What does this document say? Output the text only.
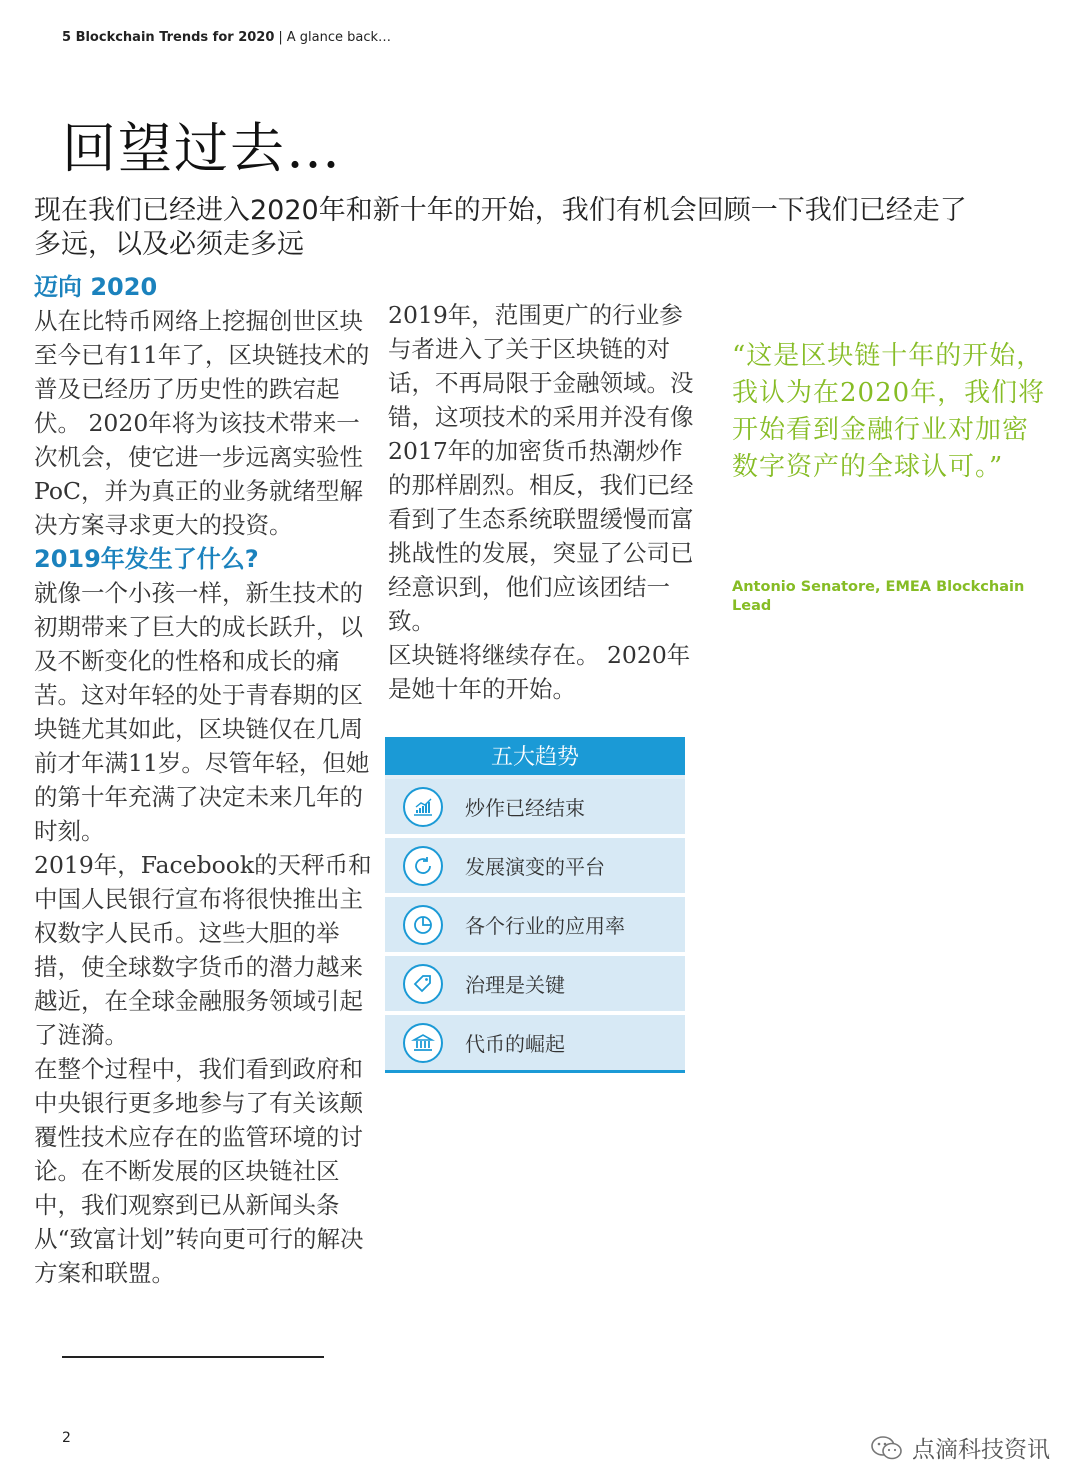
5 Blockchain Trends for 2020 | A glance back…
回望过去…
现在我们已经进入2020年和新十年的开始，我们有机会回顾一下我们已经走了多远，以及必须走多远
迈向 2020

从在比特币网络上挖掘创世区块至今已有11年了，区块链技术的普及已经历了历史性的跌宕起伏。 2020年将为该技术带来一次机会，使它进一步远离实验性PoC，并为真正的业务就绪型解决方案寻求更大的投资。

2019年发生了什么?

就像一个小孩一样，新生技术的初期带来了巨大的成长跃升，以及不断变化的性格和成长的痛苦。这对年轻的处于青春期的区块链尤其如此，区块链仅在几周前才年满11岁。尽管年轻，但她的第十年充满了决定未来几年的时刻。

2019年，Facebook的天秤币和中国人民银行宣布将很快推出主权数字人民币。这些大胆的举措，使全球数字货币的潜力越来越近，在全球金融服务领域引起了涟漪。

在整个过程中，我们看到政府和中央银行更多地参与了有关该颠覆性技术应存在的监管环境的讨论。在不断发展的区块链社区中，我们观察到已从新闻头条从“致富计划”转向更可行的解决方案和联盟。

2019年，范围更广的行业参与者进入了关于区块链的对话，不再局限于金融领域。没错，这项技术的采用并没有像2017年的加密货币热潮炒作的那样剧烈。相反，我们已经看到了生态系统联盟缓慢而富挑战性的发展，突显了公司已经意识到，他们应该团结一致。

区块链将继续存在。 2020年是她十年的开始。

“这是区块链十年的开始，我认为在2020年，我们将开始看到金融行业对加密数字资产的全球认可。”
Antonio Senatore, EMEA Blockchain Lead
五大趋势
炒作已经结束
发展演变的平台
各个行业的应用率
治理是关键
代币的崛起
2	点滴科技资讯
